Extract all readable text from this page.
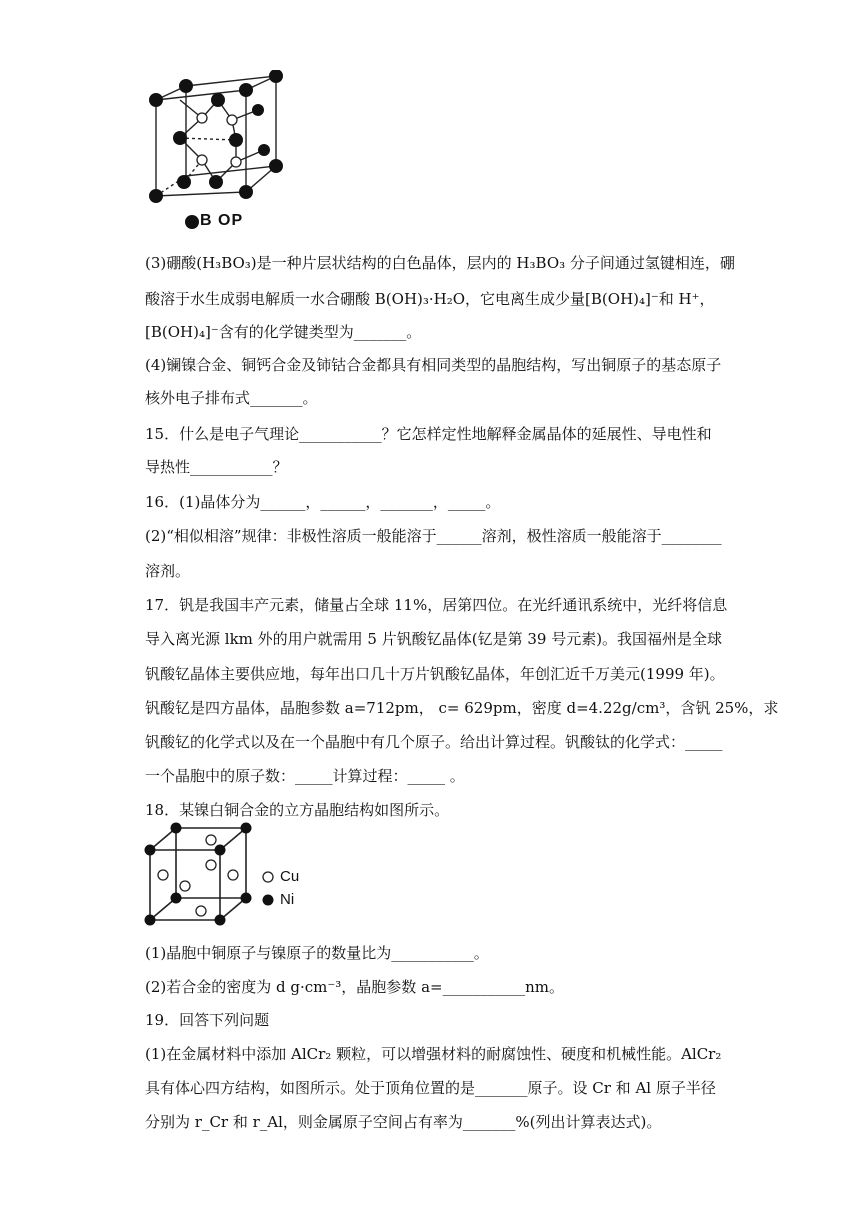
B OP
(3)硼酸(H₃BO₃)是一种片层状结构的白色晶体，层内的 H₃BO₃ 分子间通过氢键相连，硼
酸溶于水生成弱电解质一水合硼酸 B(OH)₃·H₂O，它电离生成少量[B(OH)₄]⁻和 H⁺，
[B(OH)₄]⁻含有的化学键类型为_______。
(4)镧镍合金、铜钙合金及铈钴合金都具有相同类型的晶胞结构，写出铜原子的基态原子
核外电子排布式_______。
15．什么是电子气理论___________？它怎样定性地解释金属晶体的延展性、导电性和
导热性___________？
16．(1)晶体分为______，______，_______，_____。
(2)“相似相溶”规律：非极性溶质一般能溶于______溶剂，极性溶质一般能溶于________
溶剂。
17．钒是我国丰产元素，储量占全球 11%，居第四位。在光纤通讯系统中，光纤将信息
导入离光源 lkm 外的用户就需用 5 片钒酸钇晶体(钇是第 39 号元素)。我国福州是全球
钒酸钇晶体主要供应地，每年出口几十万片钒酸钇晶体，年创汇近千万美元(1999 年)。
钒酸钇是四方晶体，晶胞参数 a=712pm， c= 629pm，密度 d=4.22g/cm³，含钒 25%，求
钒酸钇的化学式以及在一个晶胞中有几个原子。给出计算过程。钒酸钛的化学式：_____
一个晶胞中的原子数：_____计算过程：_____ 。
18．某镍白铜合金的立方晶胞结构如图所示。
Cu
Ni
(1)晶胞中铜原子与镍原子的数量比为___________。
(2)若合金的密度为 d g·cm⁻³，晶胞参数 a=___________nm。
19．回答下列问题
(1)在金属材料中添加 AlCr₂ 颗粒，可以增强材料的耐腐蚀性、硬度和机械性能。AlCr₂
具有体心四方结构，如图所示。处于顶角位置的是_______原子。设 Cr 和 Al 原子半径
分别为 r_Cr 和 r_Al，则金属原子空间占有率为_______%(列出计算表达式)。
